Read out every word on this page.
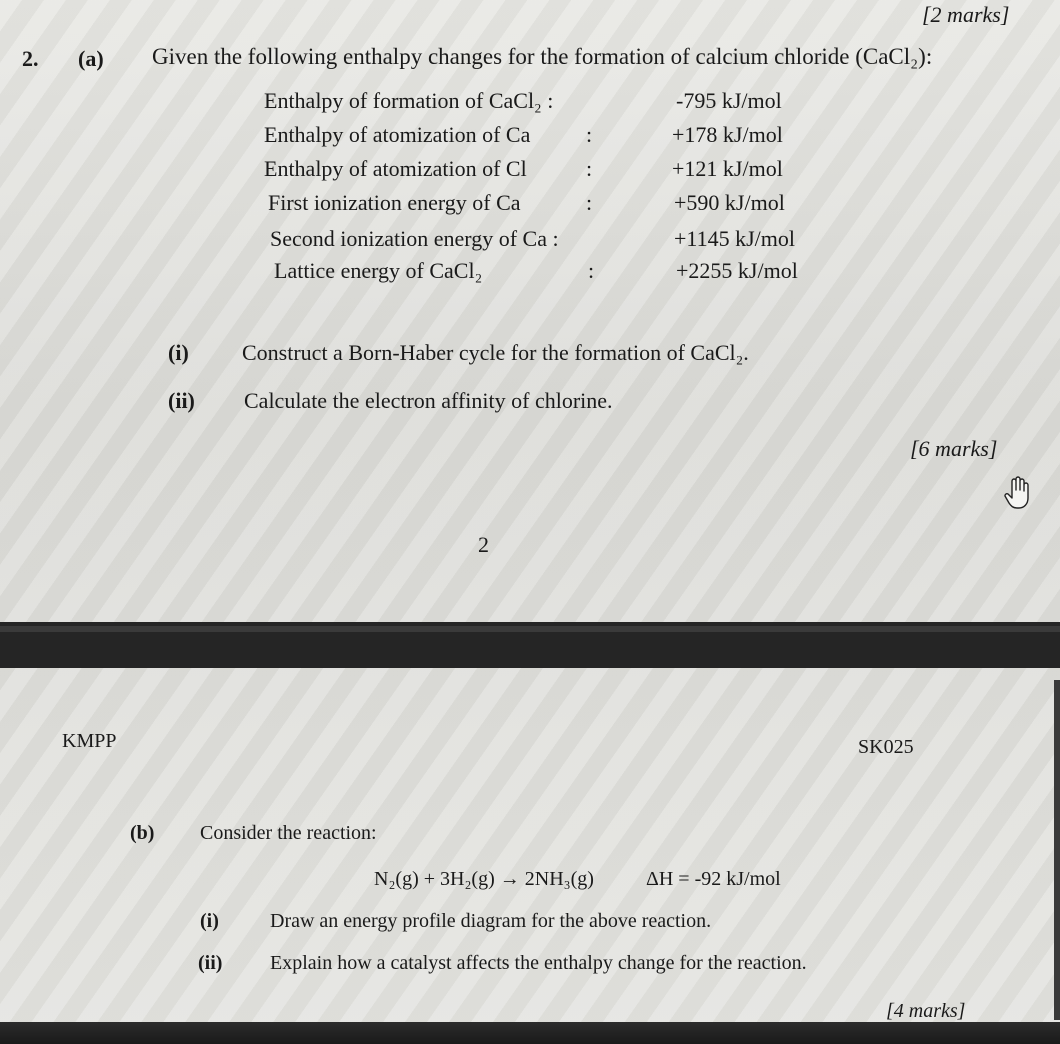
[2 marks]
2. (a) Given the following enthalpy changes for the formation of calcium chloride (CaCl₂):
Enthalpy of formation of CaCl₂ :	-795 kJ/mol
Enthalpy of atomization of Ca	:	+178 kJ/mol
Enthalpy of atomization of Cl	:	+121 kJ/mol
First ionization energy of Ca	:	+590 kJ/mol
Second ionization energy of Ca :	+1145 kJ/mol
Lattice energy of CaCl₂	:	+2255 kJ/mol
(i) Construct a Born-Haber cycle for the formation of CaCl₂.
(ii) Calculate the electron affinity of chlorine.
[6 marks]
2
KMPP	SK025
(b) Consider the reaction:
N₂(g) + 3H₂(g) → 2NH₃(g)	ΔH = -92 kJ/mol
(i)	Draw an energy profile diagram for the above reaction.
(ii) Explain how a catalyst affects the enthalpy change for the reaction.
[4 marks]
